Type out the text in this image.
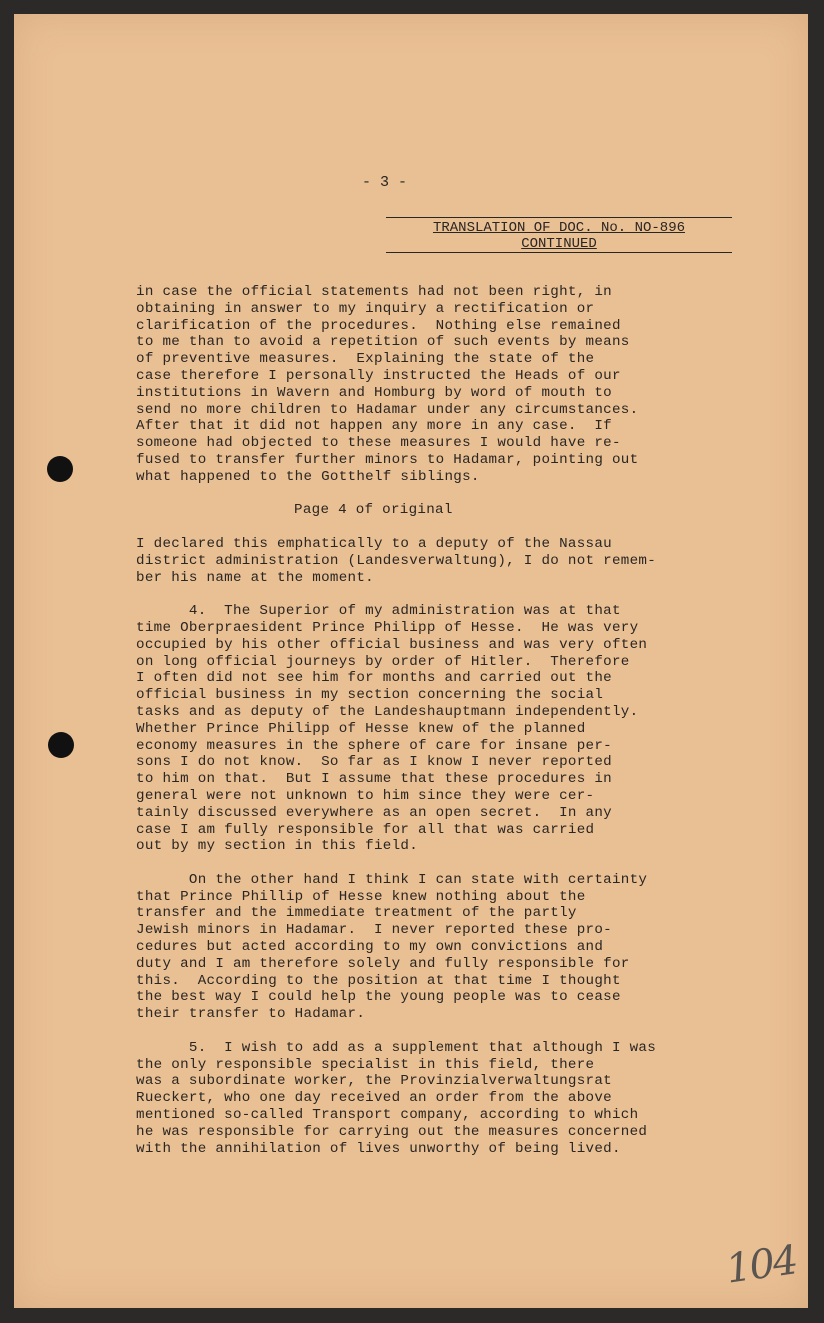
- 3 -
TRANSLATION OF DOC. No. NO-896
CONTINUED
in case the official statements had not been right, in
obtaining in answer to my inquiry a rectification or
clarification of the procedures.  Nothing else remained
to me than to avoid a repetition of such events by means
of preventive measures.  Explaining the state of the
case therefore I personally instructed the Heads of our
institutions in Wavern and Homburg by word of mouth to
send no more children to Hadamar under any circumstances.
After that it did not happen any more in any case.  If
someone had objected to these measures I would have re-
fused to transfer further minors to Hadamar, pointing out
what happened to the Gotthelf siblings.
Page 4 of original
I declared this emphatically to a deputy of the Nassau
district administration (Landesverwaltung), I do not remem-
ber his name at the moment.
4.  The Superior of my administration was at that
time Oberpraesident Prince Philipp of Hesse.  He was very
occupied by his other official business and was very often
on long official journeys by order of Hitler.  Therefore
I often did not see him for months and carried out the
official business in my section concerning the social
tasks and as deputy of the Landeshauptmann independently.
Whether Prince Philipp of Hesse knew of the planned
economy measures in the sphere of care for insane per-
sons I do not know.  So far as I know I never reported
to him on that.  But I assume that these procedures in
general were not unknown to him since they were cer-
tainly discussed everywhere as an open secret.  In any
case I am fully responsible for all that was carried
out by my section in this field.
On the other hand I think I can state with certainty
that Prince Phillip of Hesse knew nothing about the
transfer and the immediate treatment of the partly
Jewish minors in Hadamar.  I never reported these pro-
cedures but acted according to my own convictions and
duty and I am therefore solely and fully responsible for
this.  According to the position at that time I thought
the best way I could help the young people was to cease
their transfer to Hadamar.
5.  I wish to add as a supplement that although I was
the only responsible specialist in this field, there
was a subordinate worker, the Provinzialverwaltungsrat
Rueckert, who one day received an order from the above
mentioned so-called Transport company, according to which
he was responsible for carrying out the measures concerned
with the annihilation of lives unworthy of being lived.
104
